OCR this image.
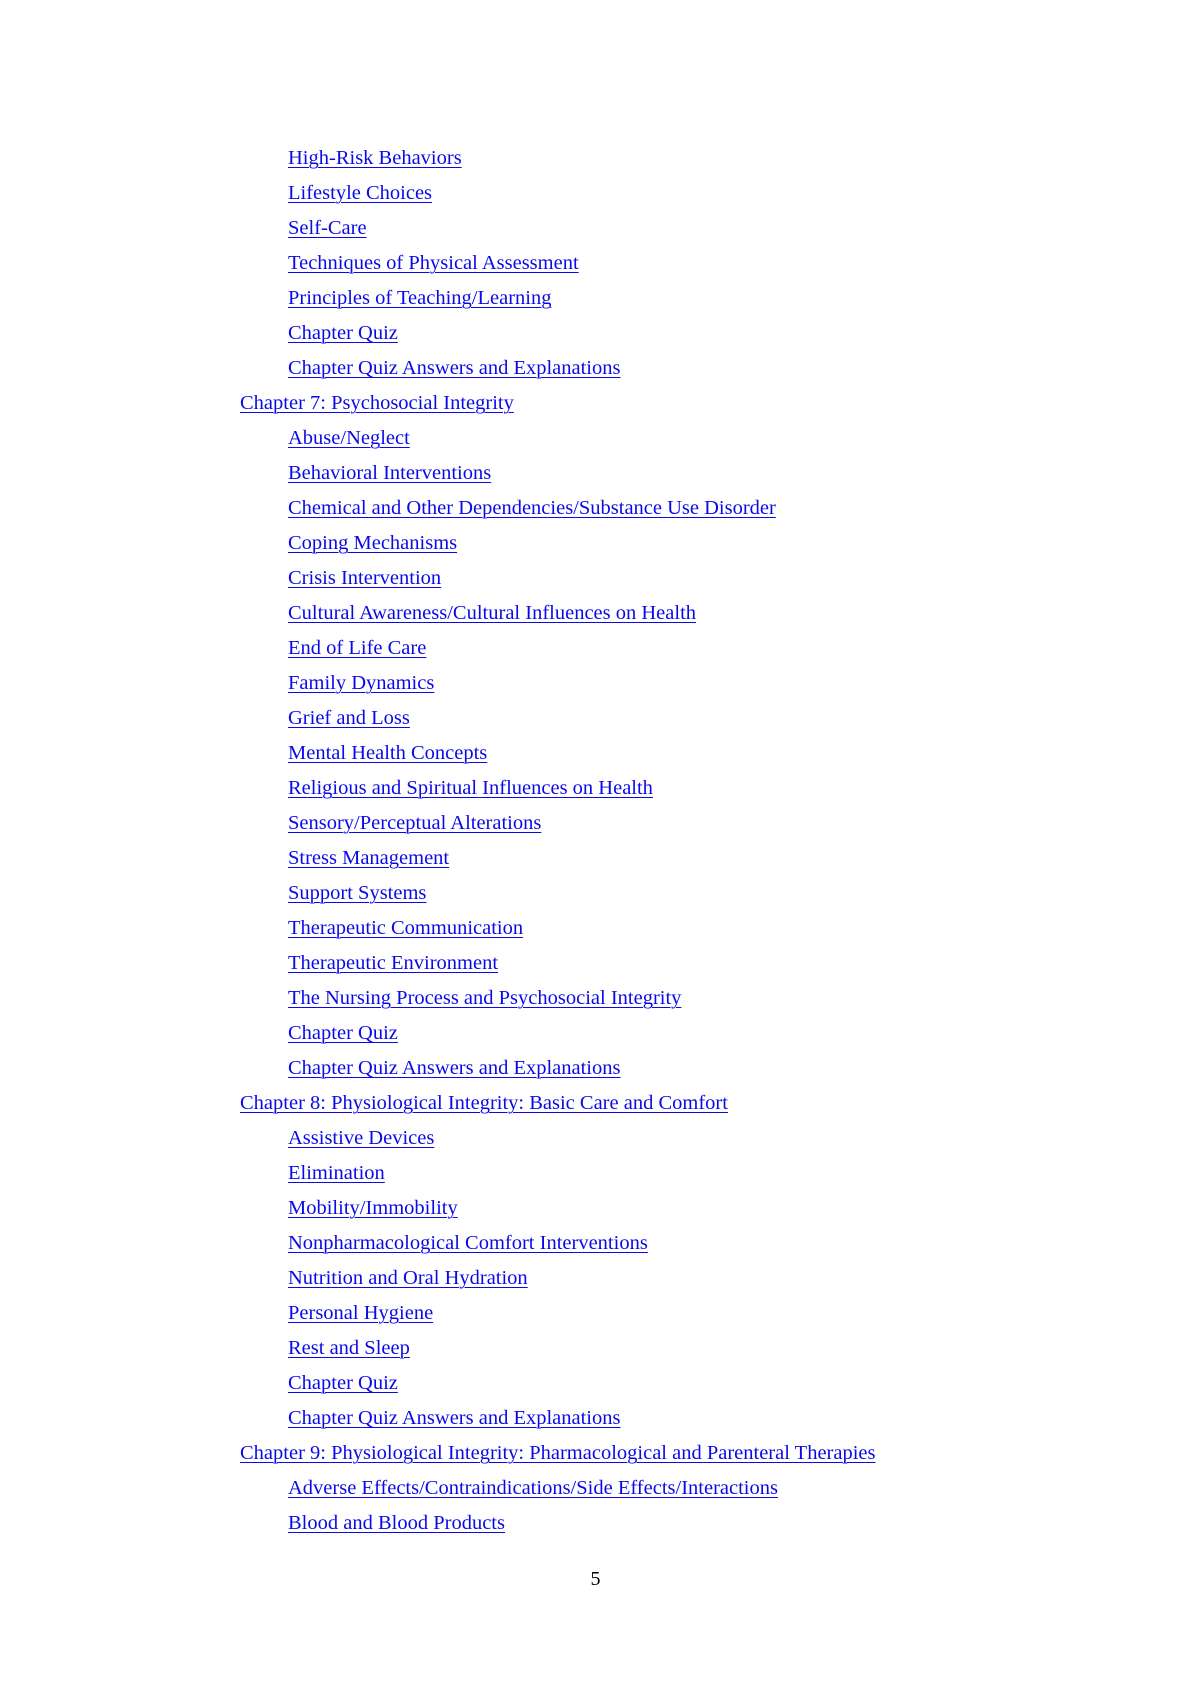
High-Risk Behaviors
Lifestyle Choices
Self-Care
Techniques of Physical Assessment
Principles of Teaching/Learning
Chapter Quiz
Chapter Quiz Answers and Explanations
Chapter 7: Psychosocial Integrity
Abuse/Neglect
Behavioral Interventions
Chemical and Other Dependencies/Substance Use Disorder
Coping Mechanisms
Crisis Intervention
Cultural Awareness/Cultural Influences on Health
End of Life Care
Family Dynamics
Grief and Loss
Mental Health Concepts
Religious and Spiritual Influences on Health
Sensory/Perceptual Alterations
Stress Management
Support Systems
Therapeutic Communication
Therapeutic Environment
The Nursing Process and Psychosocial Integrity
Chapter Quiz
Chapter Quiz Answers and Explanations
Chapter 8: Physiological Integrity: Basic Care and Comfort
Assistive Devices
Elimination
Mobility/Immobility
Nonpharmacological Comfort Interventions
Nutrition and Oral Hydration
Personal Hygiene
Rest and Sleep
Chapter Quiz
Chapter Quiz Answers and Explanations
Chapter 9: Physiological Integrity: Pharmacological and Parenteral Therapies
Adverse Effects/Contraindications/Side Effects/Interactions
Blood and Blood Products
5
